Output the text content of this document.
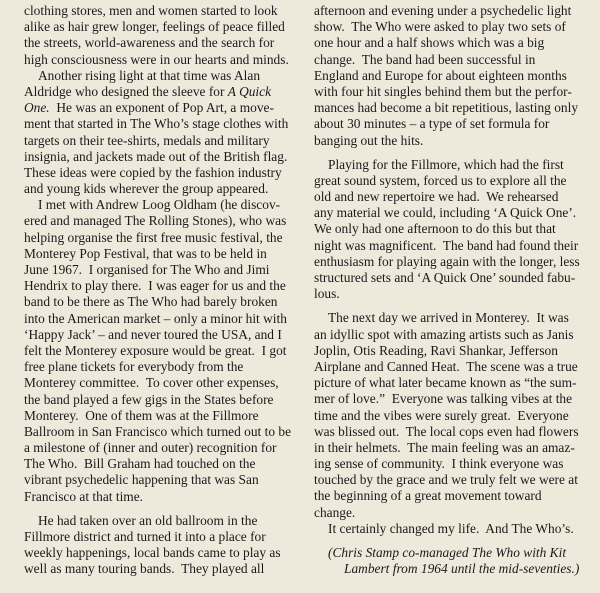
clothing stores, men and women started to look
alike as hair grew longer, feelings of peace filled
the streets, world-awareness and the search for
high consciousness were in our hearts and minds.
Another rising light at that time was Alan
Aldridge who designed the sleeve for A Quick
One.  He was an exponent of Pop Art, a move-
ment that started in The Who’s stage clothes with
targets on their tee-shirts, medals and military
insignia, and jackets made out of the British flag.
These ideas were copied by the fashion industry
and young kids wherever the group appeared.
I met with Andrew Loog Oldham (he discov-
ered and managed The Rolling Stones), who was
helping organise the first free music festival, the
Monterey Pop Festival, that was to be held in
June 1967.  I organised for The Who and Jimi
Hendrix to play there.  I was eager for us and the
band to be there as The Who had barely broken
into the American market – only a minor hit with
‘Happy Jack’ – and never toured the USA, and I
felt the Monterey exposure would be great.  I got
free plane tickets for everybody from the
Monterey committee.  To cover other expenses,
the band played a few gigs in the States before
Monterey.  One of them was at the Fillmore
Ballroom in San Francisco which turned out to be
a milestone of (inner and outer) recognition for
The Who.  Bill Graham had touched on the
vibrant psychedelic happening that was San
Francisco at that time.
He had taken over an old ballroom in the
Fillmore district and turned it into a place for
weekly happenings, local bands came to play as
well as many touring bands.  They played all
afternoon and evening under a psychedelic light
show.  The Who were asked to play two sets of
one hour and a half shows which was a big
change.  The band had been successful in
England and Europe for about eighteen months
with four hit singles behind them but the perfor-
mances had become a bit repetitious, lasting only
about 30 minutes – a type of set formula for
banging out the hits.
Playing for the Fillmore, which had the first
great sound system, forced us to explore all the
old and new repertoire we had.  We rehearsed
any material we could, including ‘A Quick One’.
We only had one afternoon to do this but that
night was magnificent.  The band had found their
enthusiasm for playing again with the longer, less
structured sets and ‘A Quick One’ sounded fabu-
lous.
The next day we arrived in Monterey.  It was
an idyllic spot with amazing artists such as Janis
Joplin, Otis Reading, Ravi Shankar, Jefferson
Airplane and Canned Heat.  The scene was a true
picture of what later became known as “the sum-
mer of love.”  Everyone was talking vibes at the
time and the vibes were surely great.  Everyone
was blissed out.  The local cops even had flowers
in their helmets.  The main feeling was an amaz-
ing sense of community.  I think everyone was
touched by the grace and we truly felt we were at
the beginning of a great movement toward
change.
It certainly changed my life.  And The Who’s.
(Chris Stamp co-managed The Who with Kit
Lambert from 1964 until the mid-seventies.)
